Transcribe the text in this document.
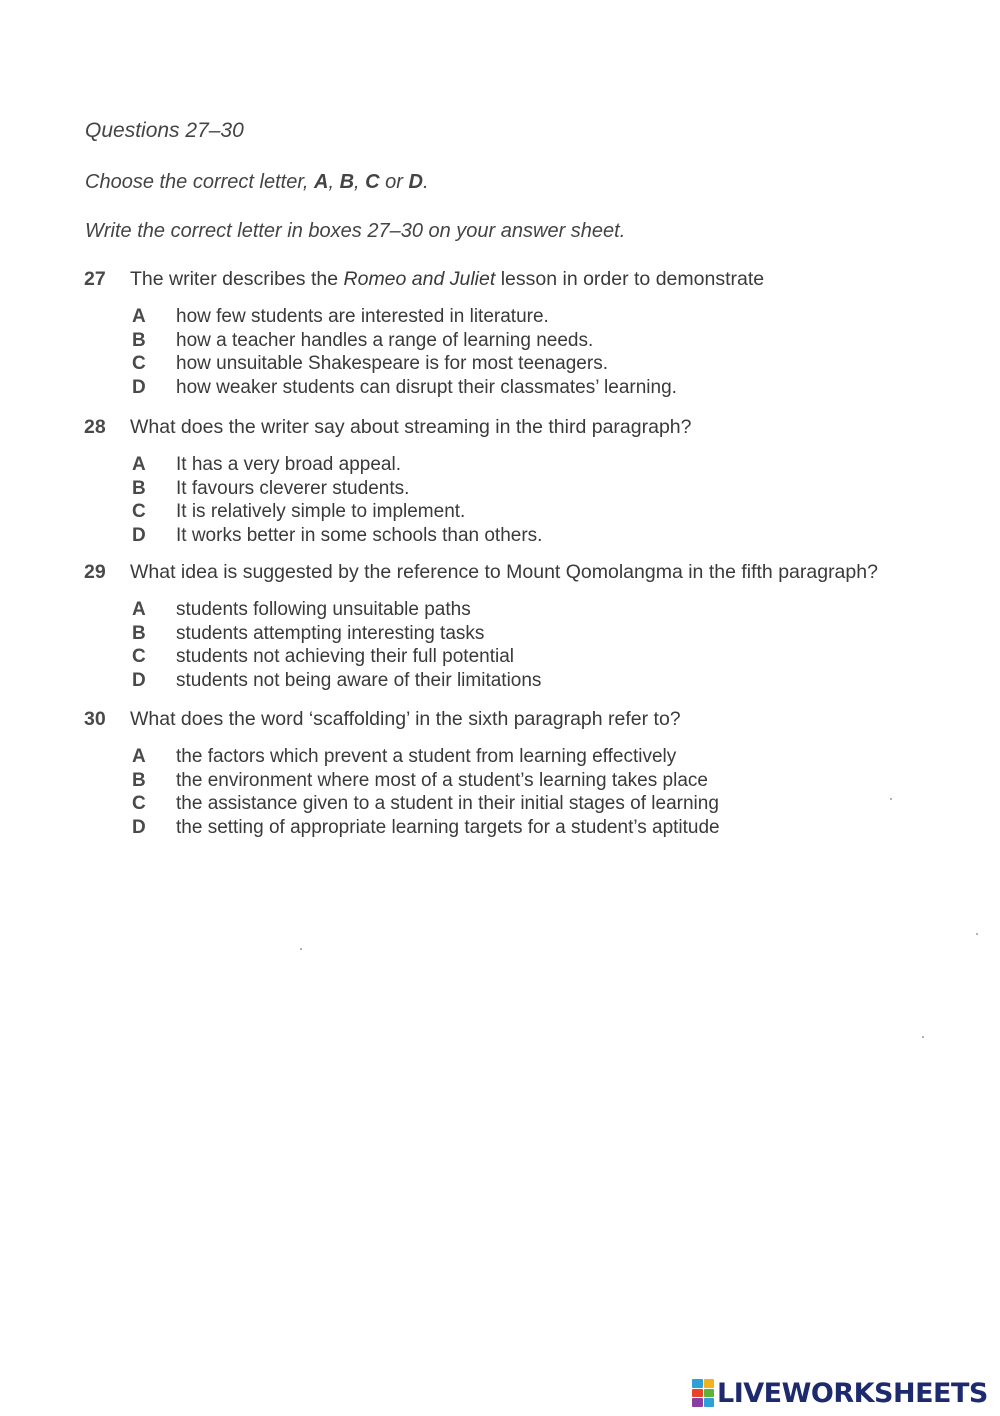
Questions 27–30
Choose the correct letter, A, B, C or D.
Write the correct letter in boxes 27–30 on your answer sheet.
27 The writer describes the Romeo and Juliet lesson in order to demonstrate
A how few students are interested in literature.
B how a teacher handles a range of learning needs.
C how unsuitable Shakespeare is for most teenagers.
D how weaker students can disrupt their classmates’ learning.
28 What does the writer say about streaming in the third paragraph?
A It has a very broad appeal.
B It favours cleverer students.
C It is relatively simple to implement.
D It works better in some schools than others.
29 What idea is suggested by the reference to Mount Qomolangma in the fifth paragraph?
A students following unsuitable paths
B students attempting interesting tasks
C students not achieving their full potential
D students not being aware of their limitations
30 What does the word ‘scaffolding’ in the sixth paragraph refer to?
A the factors which prevent a student from learning effectively
B the environment where most of a student’s learning takes place
C the assistance given to a student in their initial stages of learning
D the setting of appropriate learning targets for a student’s aptitude
LIVEWORKSHEETS
